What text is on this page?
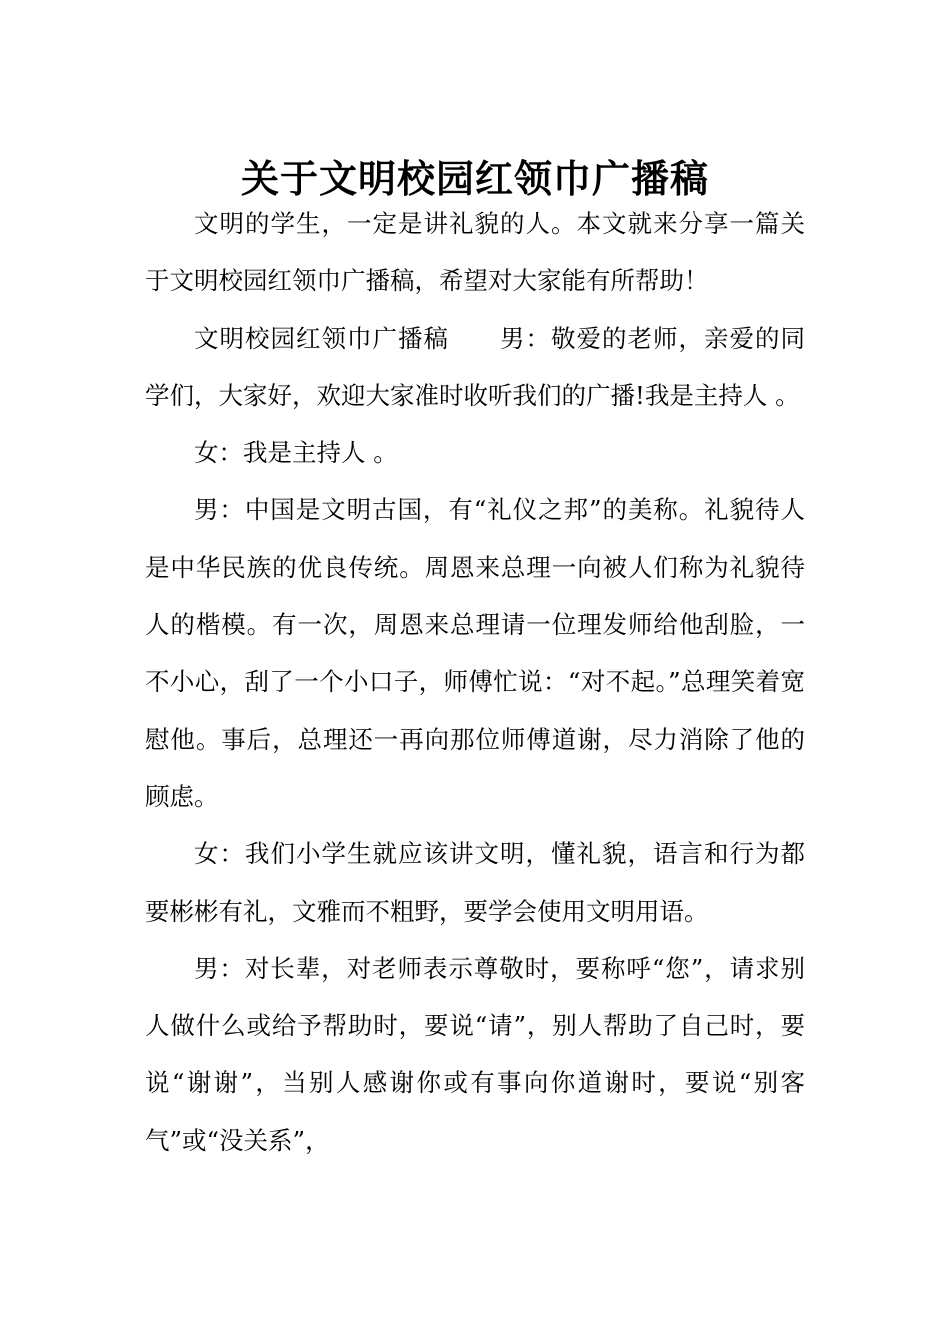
关于文明校园红领巾广播稿

文明的学生，一定是讲礼貌的人。本文就来分享一篇关于文明校园红领巾广播稿，希望对大家能有所帮助！

文明校园红领巾广播稿　　男：敬爱的老师，亲爱的同学们，大家好，欢迎大家准时收听我们的广播!我是主持人 。

女：我是主持人 。

男：中国是文明古国，有“礼仪之邦”的美称。礼貌待人是中华民族的优良传统。周恩来总理一向被人们称为礼貌待人的楷模。有一次，周恩来总理请一位理发师给他刮脸，一不小心，刮了一个小口子，师傅忙说：“对不起。”总理笑着宽慰他。事后，总理还一再向那位师傅道谢，尽力消除了他的顾虑。

女：我们小学生就应该讲文明，懂礼貌，语言和行为都要彬彬有礼，文雅而不粗野，要学会使用文明用语。

男：对长辈，对老师表示尊敬时，要称呼“您”，请求别人做什么或给予帮助时，要说“请”，别人帮助了自己时，要说“谢谢”，当别人感谢你或有事向你道谢时，要说“别客气”或“没关系”，
